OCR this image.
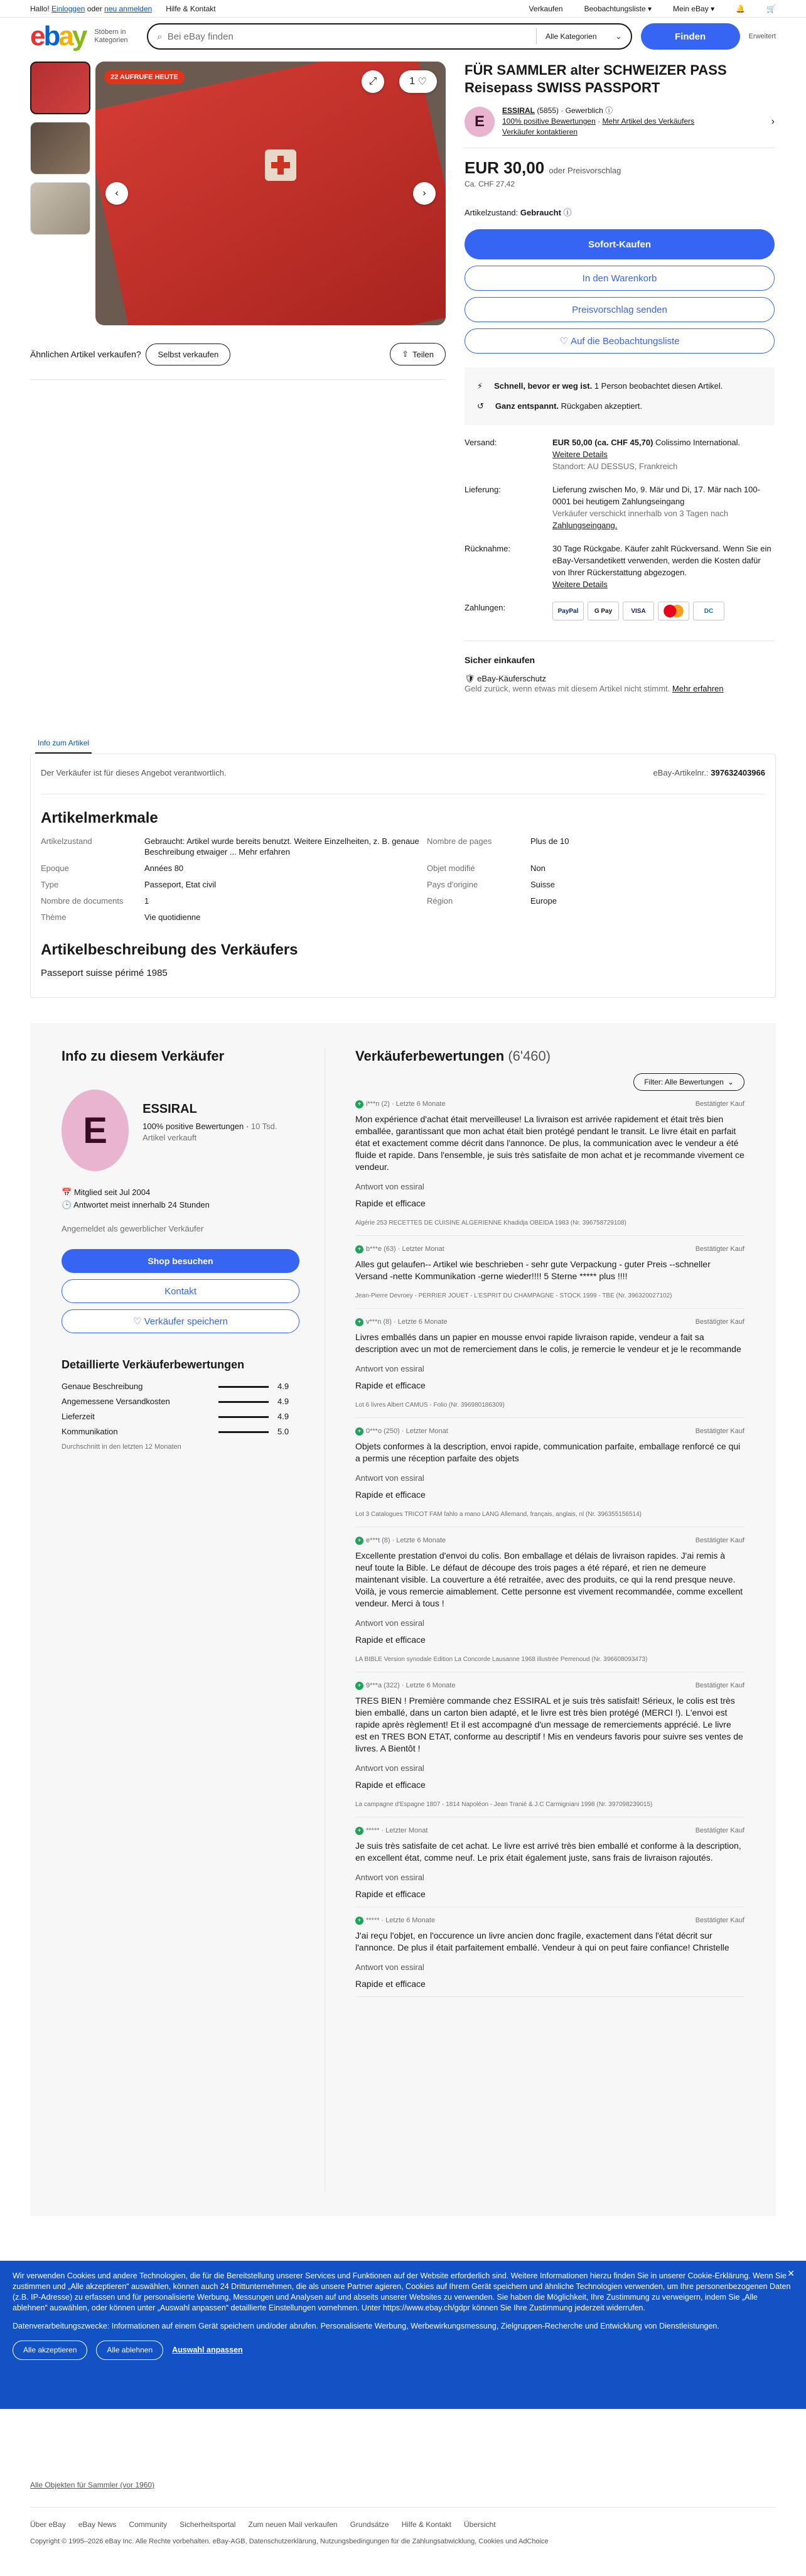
Hallo! Einloggen oder neu anmelden Hilfe & Kontakt	Verkaufen	Beobachtungsliste ▾	Mein eBay ▾	🔔	🛒
ebay Stöbern in Kategorien	⌕ Bei eBay finden	Alle Kategorien	⌄	Finden	Erweitert
22 AUFRUFE HEUTE	⤢	1 ♡
‹	›
Ähnlichen Artikel verkaufen? Selbst verkaufen	⇪ Teilen
FÜR SAMMLER alter SCHWEIZER PASS Reisepass SWISS PASSPORT
E
ESSIRAL (5855) · Gewerblich ⓘ
100% positive Bewertungen · Mehr Artikel des Verkäufers
Verkäufer kontaktieren
›
EUR 30,00 oder Preisvorschlag
Ca. CHF 27,42
Artikelzustand: Gebraucht ⓘ
Sofort-Kaufen
In den Warenkorb
Preisvorschlag senden
♡
Auf die Beobachtungsliste
⚡ Schnell, bevor er weg ist. 1 Person beobachtet diesen Artikel.
↺ Ganz entspannt. Rückgaben akzeptiert.
Versand:	EUR 50,00 (ca. CHF 45,70) Colissimo International.
Weitere Details
Standort: AU DESSUS, Frankreich
Lieferung:	Lieferung zwischen Mo, 9. Mär und Di, 17. Mär nach 100-0001 bei heutigem Zahlungseingang
Verkäufer verschickt innerhalb von 3 Tagen nach
Zahlungseingang.
Rücknahme:	30 Tage Rückgabe. Käufer zahlt Rückversand. Wenn Sie ein eBay-Versandetikett verwenden, werden die Kosten dafür von Ihrer Rückerstattung abgezogen.
Weitere Details
Zahlungen:	PayPal	G Pay	VISA	DC
Sicher einkaufen

🛡 eBay-Käuferschutz
Geld zurück, wenn etwas mit diesem Artikel nicht stimmt. Mehr erfahren

Info zum Artikel
Der Verkäufer ist für dieses Angebot verantwortlich.	eBay-Artikelnr.: 397632403966
Artikelmerkmale
Artikelzustand	Gebraucht: Artikel wurde bereits benutzt. Weitere Einzelheiten, z. B. genaue Beschreibung etwaiger ... Mehr erfahren
Nombre de pages	Plus de 10
Epoque	Années 80	Objet modifié	Non
Type	Passeport, Etat civil	Pays d'origine	Suisse
Nombre de documents	1	Région	Europe
Thème	Vie quotidienne
Artikelbeschreibung des Verkäufers
Passeport suisse périmé 1985
Info zu diesem Verkäufer
E
ESSIRAL
100% positive Bewertungen · 10 Tsd. Artikel verkauft
📅 Mitglied seit Jul 2004
🕒 Antwortet meist innerhalb 24 Stunden
Angemeldet als gewerblicher Verkäufer
Shop besuchen
Kontakt
♡
Verkäufer speichern
Detaillierte Verkäuferbewertungen
Genaue Beschreibung	4.9
Angemessene Versandkosten	4.9
Lieferzeit	4.9
Kommunikation	5.0
Durchschnitt in den letzten 12 Monaten
Verkäuferbewertungen (6'460)
Filter: Alle Bewertungen ⌄
+ i***n (2) · Letzte 6 Monate	Bestätigter Kauf
Mon expérience d'achat était merveilleuse! La livraison est arrivée rapidement et était très bien emballée, garantissant que mon achat était bien protégé pendant le transit. Le livre était en parfait état et exactement comme décrit dans l'annonce. De plus, la communication avec le vendeur a été fluide et rapide. Dans l'ensemble, je suis très satisfaite de mon achat et je recommande vivement ce vendeur.
Antwort von essiral
Rapide et efficace
Algérie 253 RECETTES DE CUISINE ALGERIENNE Khadidja OBEIDA 1983 (Nr. 396758729108)
+ b***e (63) · Letzter Monat	Bestätigter Kauf
Alles gut gelaufen-- Artikel wie beschrieben - sehr gute Verpackung - guter Preis --schneller Versand -nette Kommunikation -gerne wieder!!!! 5 Sterne ***** plus !!!!
Jean-Pierre Devroey - PERRIER JOUET - L'ESPRIT DU CHAMPAGNE - STOCK 1999 - TBE (Nr. 396320027102)
+ v***n (8) · Letzte 6 Monate	Bestätigter Kauf
Livres emballés dans un papier en mousse envoi rapide livraison rapide, vendeur a fait sa description avec un mot de remerciement dans le colis, je remercie le vendeur et je le recommande
Antwort von essiral
Rapide et efficace
Lot 6 livres Albert CAMUS - Folio (Nr. 396980186309)
+ 0***o (250) · Letzter Monat	Bestätigter Kauf
Objets conformes à la description, envoi rapide, communication parfaite, emballage renforcé ce qui a permis une réception parfaite des objets
Antwort von essiral
Rapide et efficace
Lot 3 Catalogues TRICOT FAM fahlo a mano LANG Allemand, français, anglais, nl (Nr. 396355156514)
+ e***t (8) · Letzte 6 Monate	Bestätigter Kauf
Excellente prestation d'envoi du colis. Bon emballage et délais de livraison rapides. J'ai remis à neuf toute la Bible. Le défaut de découpe des trois pages a été réparé, et rien ne demeure maintenant visible. La couverture a été retraitée, avec des produits, ce qui la rend presque neuve. Voilà, je vous remercie aimablement. Cette personne est vivement recommandée, comme excellent vendeur. Merci à tous !
Antwort von essiral
Rapide et efficace
LA BIBLE Version synodale Edition La Concorde Lausanne 1968 illustrée Perrenoud (Nr. 396608093473)
+ 9***a (322) · Letzte 6 Monate	Bestätigter Kauf
TRES BIEN ! Première commande chez ESSIRAL et je suis très satisfait! Sérieux, le colis est très bien emballé, dans un carton bien adapté, et le livre est très bien protégé (MERCI !). L'envoi est rapide après règlement! Et il est accompagné d'un message de remerciements apprécié. Le livre est en TRES BON ETAT, conforme au descriptif ! Mis en vendeurs favoris pour suivre ses ventes de livres. A Bientôt !
Antwort von essiral
Rapide et efficace
La campagne d'Espagne 1807 - 1814 Napoléon - Jean Tranié & J.C Carmigniani 1998 (Nr. 397098239015)
+ ***** · Letzter Monat	Bestätigter Kauf
Je suis très satisfaite de cet achat. Le livre est arrivé très bien emballé et conforme à la description, en excellent état, comme neuf. Le prix était également juste, sans frais de livraison rajoutés.
Antwort von essiral
Rapide et efficace
+ ***** · Letzte 6 Monate	Bestätigter Kauf
J'ai reçu l'objet, en l'occurence un livre ancien donc fragile, exactement dans l'état décrit sur l'annonce. De plus il était parfaitement emballé. Vendeur à qui on peut faire confiance! Christelle
Antwort von essiral
Rapide et efficace
✕
Wir verwenden Cookies und andere Technologien, die für die Bereitstellung unserer Services und Funktionen auf der Website erforderlich sind. Weitere Informationen hierzu finden Sie in unserer Cookie-Erklärung. Wenn Sie zustimmen und „Alle akzeptieren“ auswählen, können auch 24 Drittunternehmen, die als unsere Partner agieren, Cookies auf Ihrem Gerät speichern und ähnliche Technologien verwenden, um Ihre personenbezogenen Daten (z.B. IP-Adresse) zu erfassen und für personalisierte Werbung, Messungen und Analysen auf und abseits unserer Websites zu verwenden. Sie haben die Möglichkeit, Ihre Zustimmung zu verweigern, indem Sie „Alle ablehnen“ auswählen, oder können unter „Auswahl anpassen“ detaillierte Einstellungen vornehmen. Unter https://www.ebay.ch/gdpr können Sie Ihre Zustimmung jederzeit widerrufen.
Datenverarbeitungszwecke: Informationen auf einem Gerät speichern und/oder abrufen. Personalisierte Werbung, Werbewirkungsmessung, Zielgruppen-Recherche und Entwicklung von Dienstleistungen.
Alle akzeptieren	Alle ablehnen	Auswahl anpassen
Alle Objekten für Sammler (vor 1960)
Über eBay eBay News Community Sicherheitsportal Zum neuen Mail verkaufen Grundsätze Hilfe & Kontakt Übersicht
Copyright © 1995–2026 eBay Inc. Alle Rechte vorbehalten. eBay-AGB, Datenschutzerklärung, Nutzungsbedingungen für die Zahlungsabwicklung, Cookies und AdChoice
